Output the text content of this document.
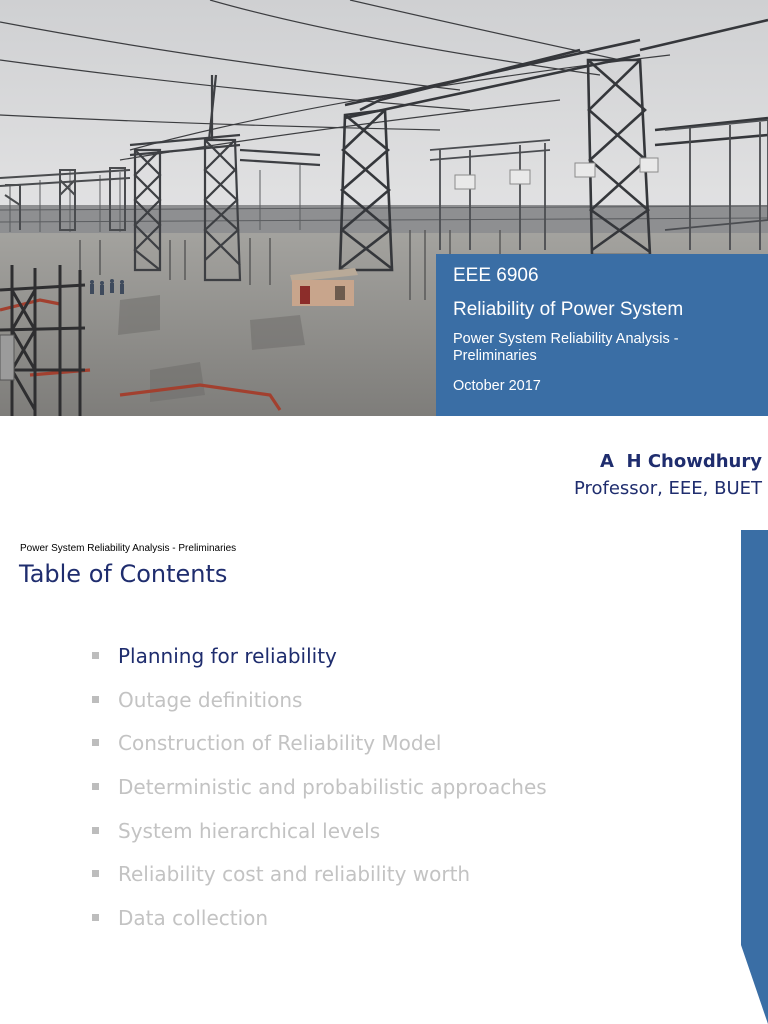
EEE 6906
Reliability of Power System
Power System Reliability Analysis - Preliminaries
October 2017
A  H Chowdhury
Professor, EEE, BUET
Power System Reliability Analysis - Preliminaries
Table of Contents
Planning for reliability
Outage definitions
Construction of Reliability Model
Deterministic and probabilistic approaches
System hierarchical levels
Reliability cost and reliability worth
Data collection
